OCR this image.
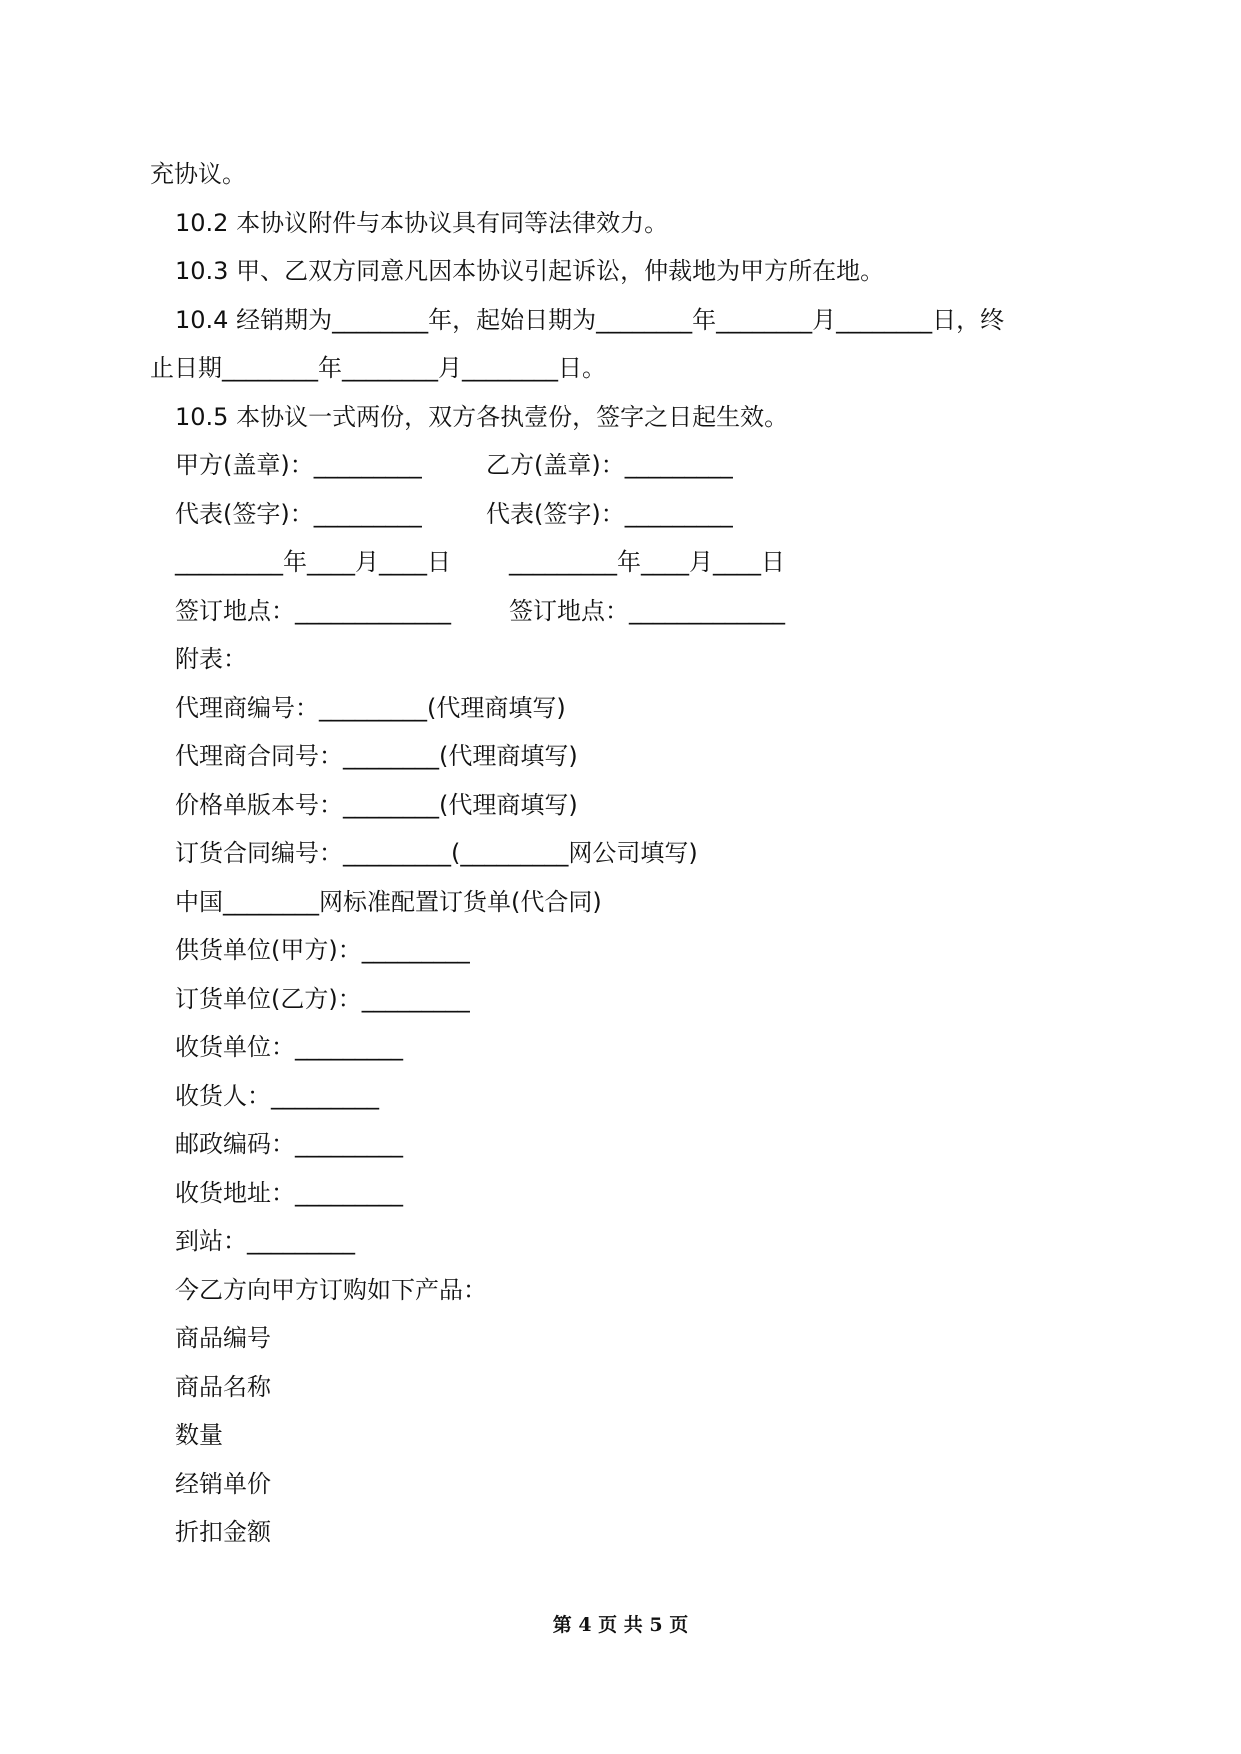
充协议。
10.2 本协议附件与本协议具有同等法律效力。
10.3 甲、乙双方同意凡因本协议引起诉讼，仲裁地为甲方所在地。
10.4 经销期为________年，起始日期为________年________月________日，终
止日期________年________月________日。
10.5 本协议一式两份，双方各执壹份，签字之日起生效。
甲方(盖章)：_________	乙方(盖章)：_________
代表(签字)：_________	代表(签字)：_________
_________年____月____日 _________年____月____日
签订地点：_____________ 签订地点：_____________
附表：
代理商编号：_________(代理商填写)
代理商合同号：________(代理商填写)
价格单版本号：________(代理商填写)
订货合同编号：_________(_________网公司填写)
中国________网标准配置订货单(代合同)
供货单位(甲方)：_________
订货单位(乙方)：_________
收货单位：_________
收货人：_________
邮政编码：_________
收货地址：_________
到站：_________
今乙方向甲方订购如下产品：
商品编号
商品名称
数量
经销单价
折扣金额
第 4 页 共 5 页
